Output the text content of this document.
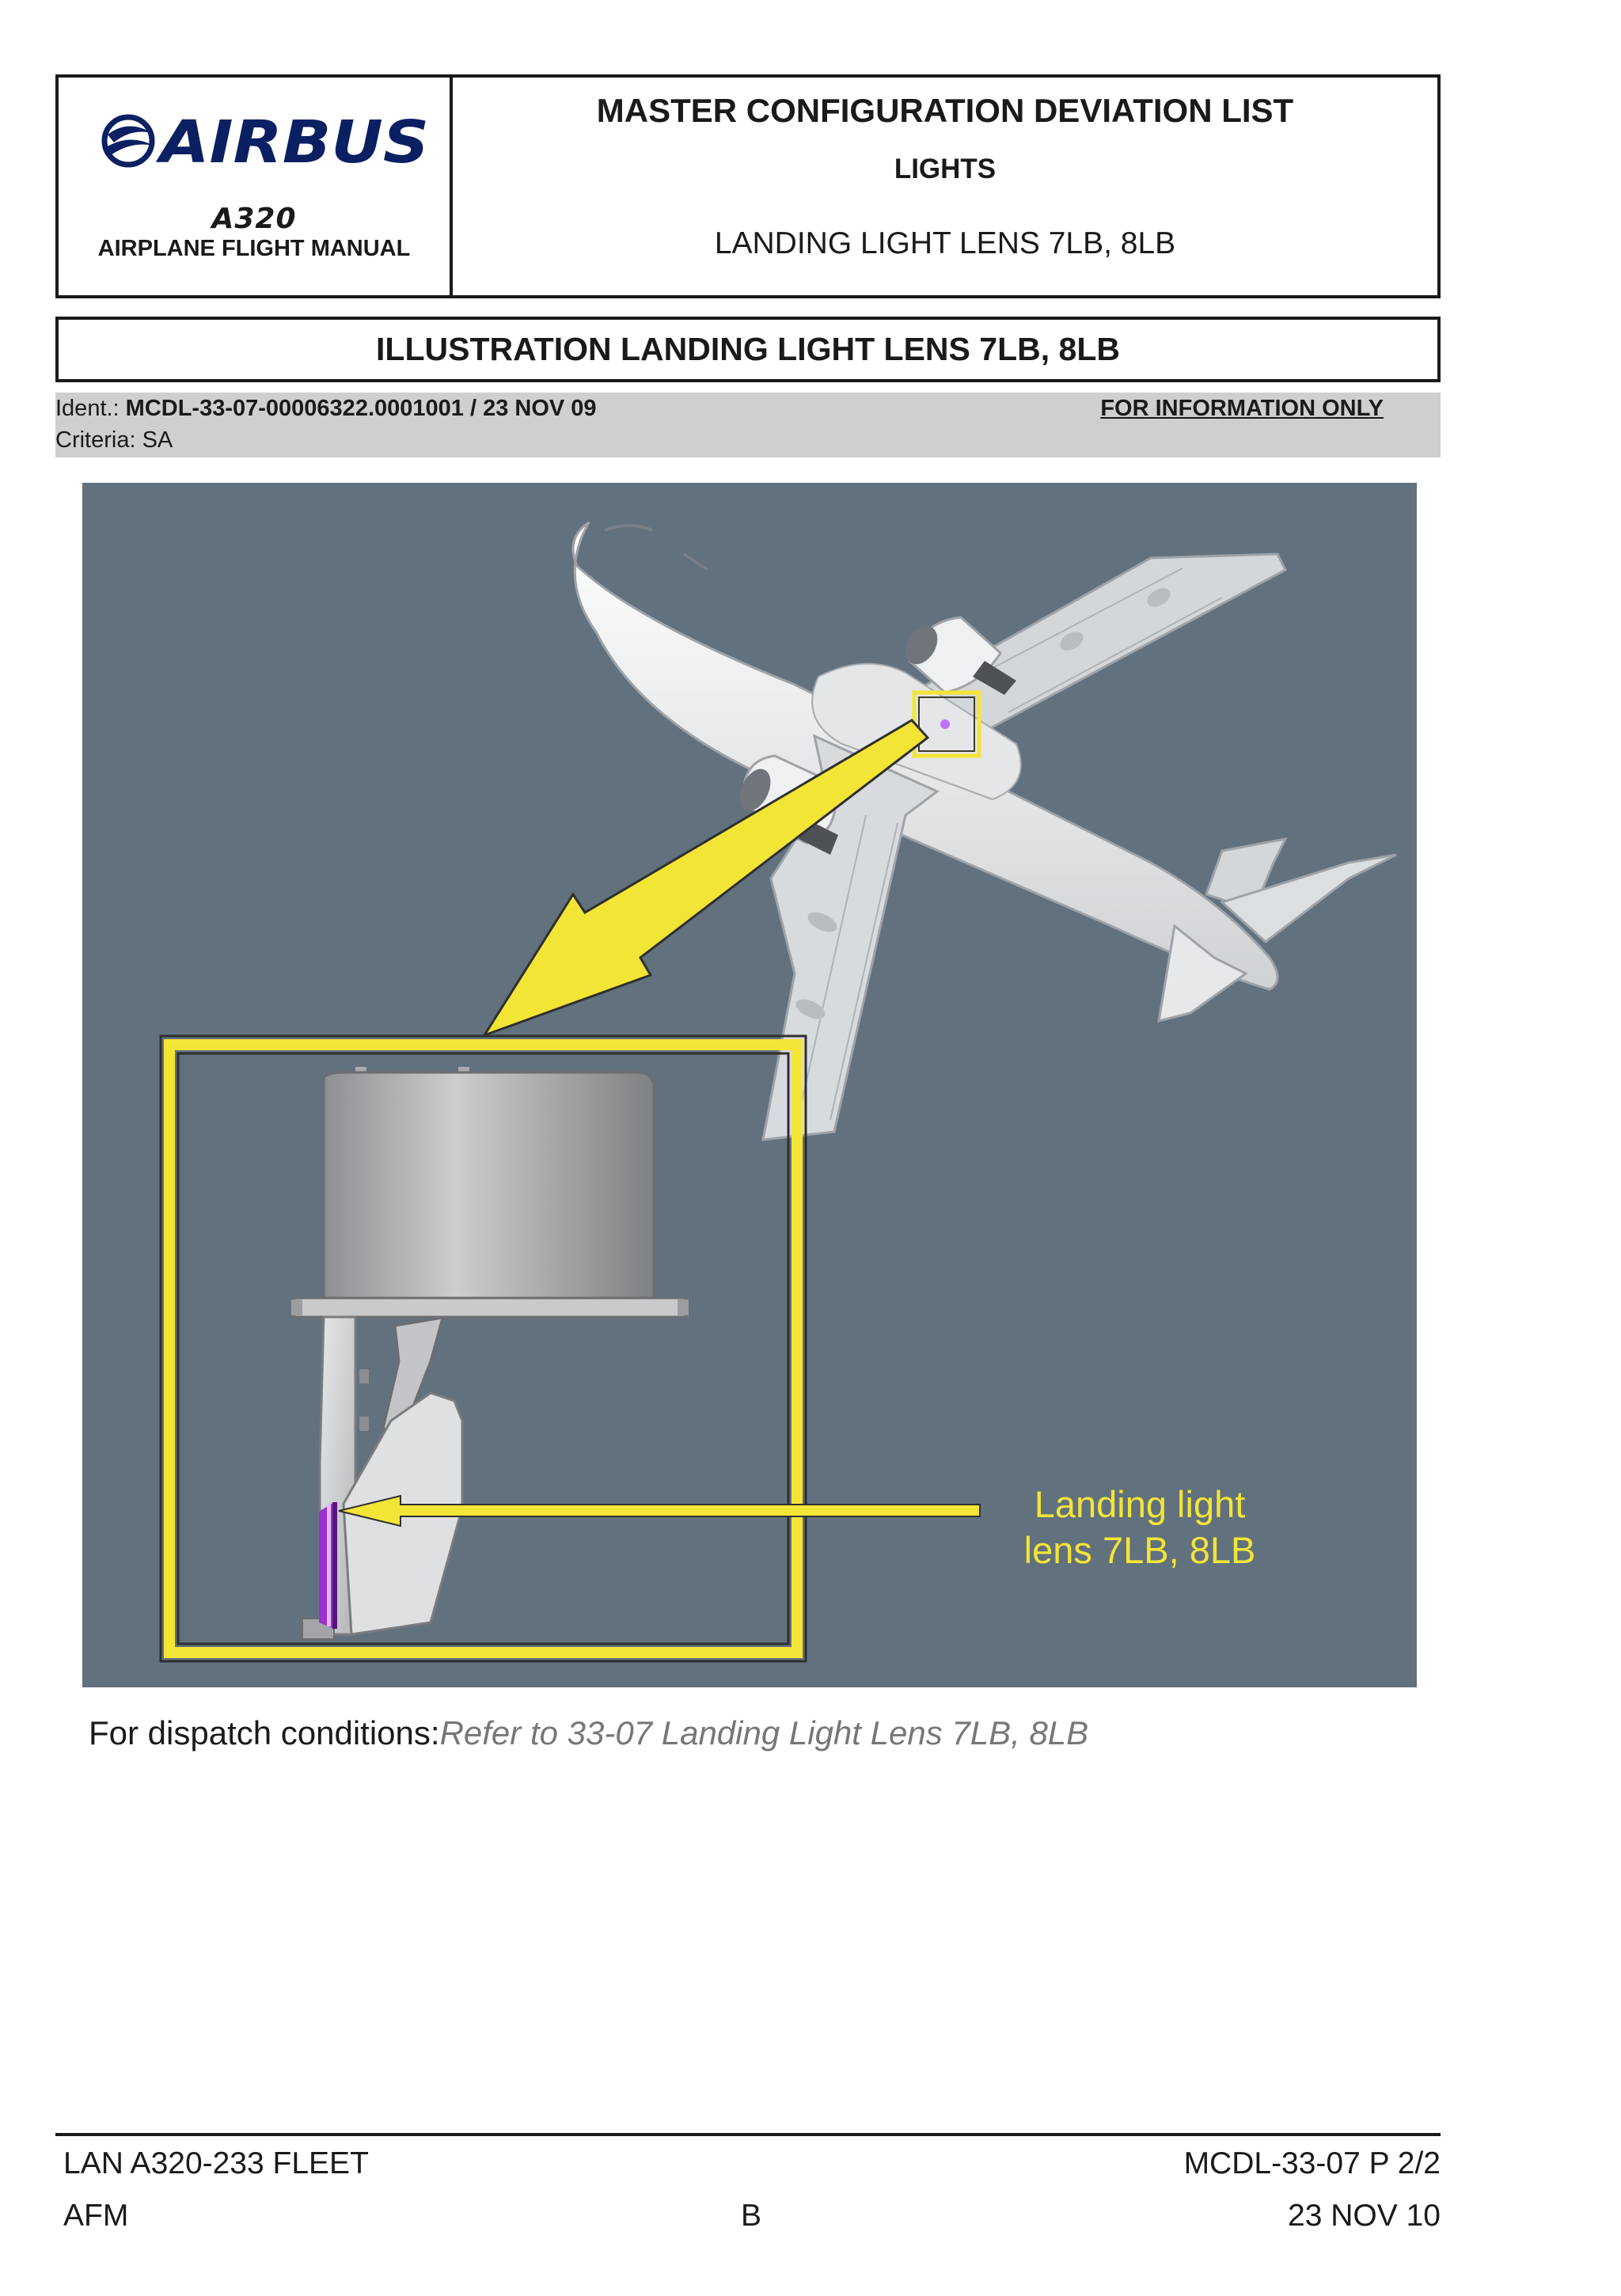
AIRBUS
A320
AIRPLANE FLIGHT MANUAL
MASTER CONFIGURATION DEVIATION LIST
LIGHTS
LANDING LIGHT LENS 7LB, 8LB
ILLUSTRATION LANDING LIGHT LENS 7LB, 8LB
Ident.: MCDL-33-07-00006322.0001001 / 23 NOV 09	FOR INFORMATION ONLY
Criteria: SA
Landing light
lens 7LB, 8LB
For dispatch conditions:Refer to 33-07 Landing Light Lens 7LB, 8LB
LAN A320-233 FLEET	MCDL-33-07 P 2/2
AFM	B	23 NOV 10
